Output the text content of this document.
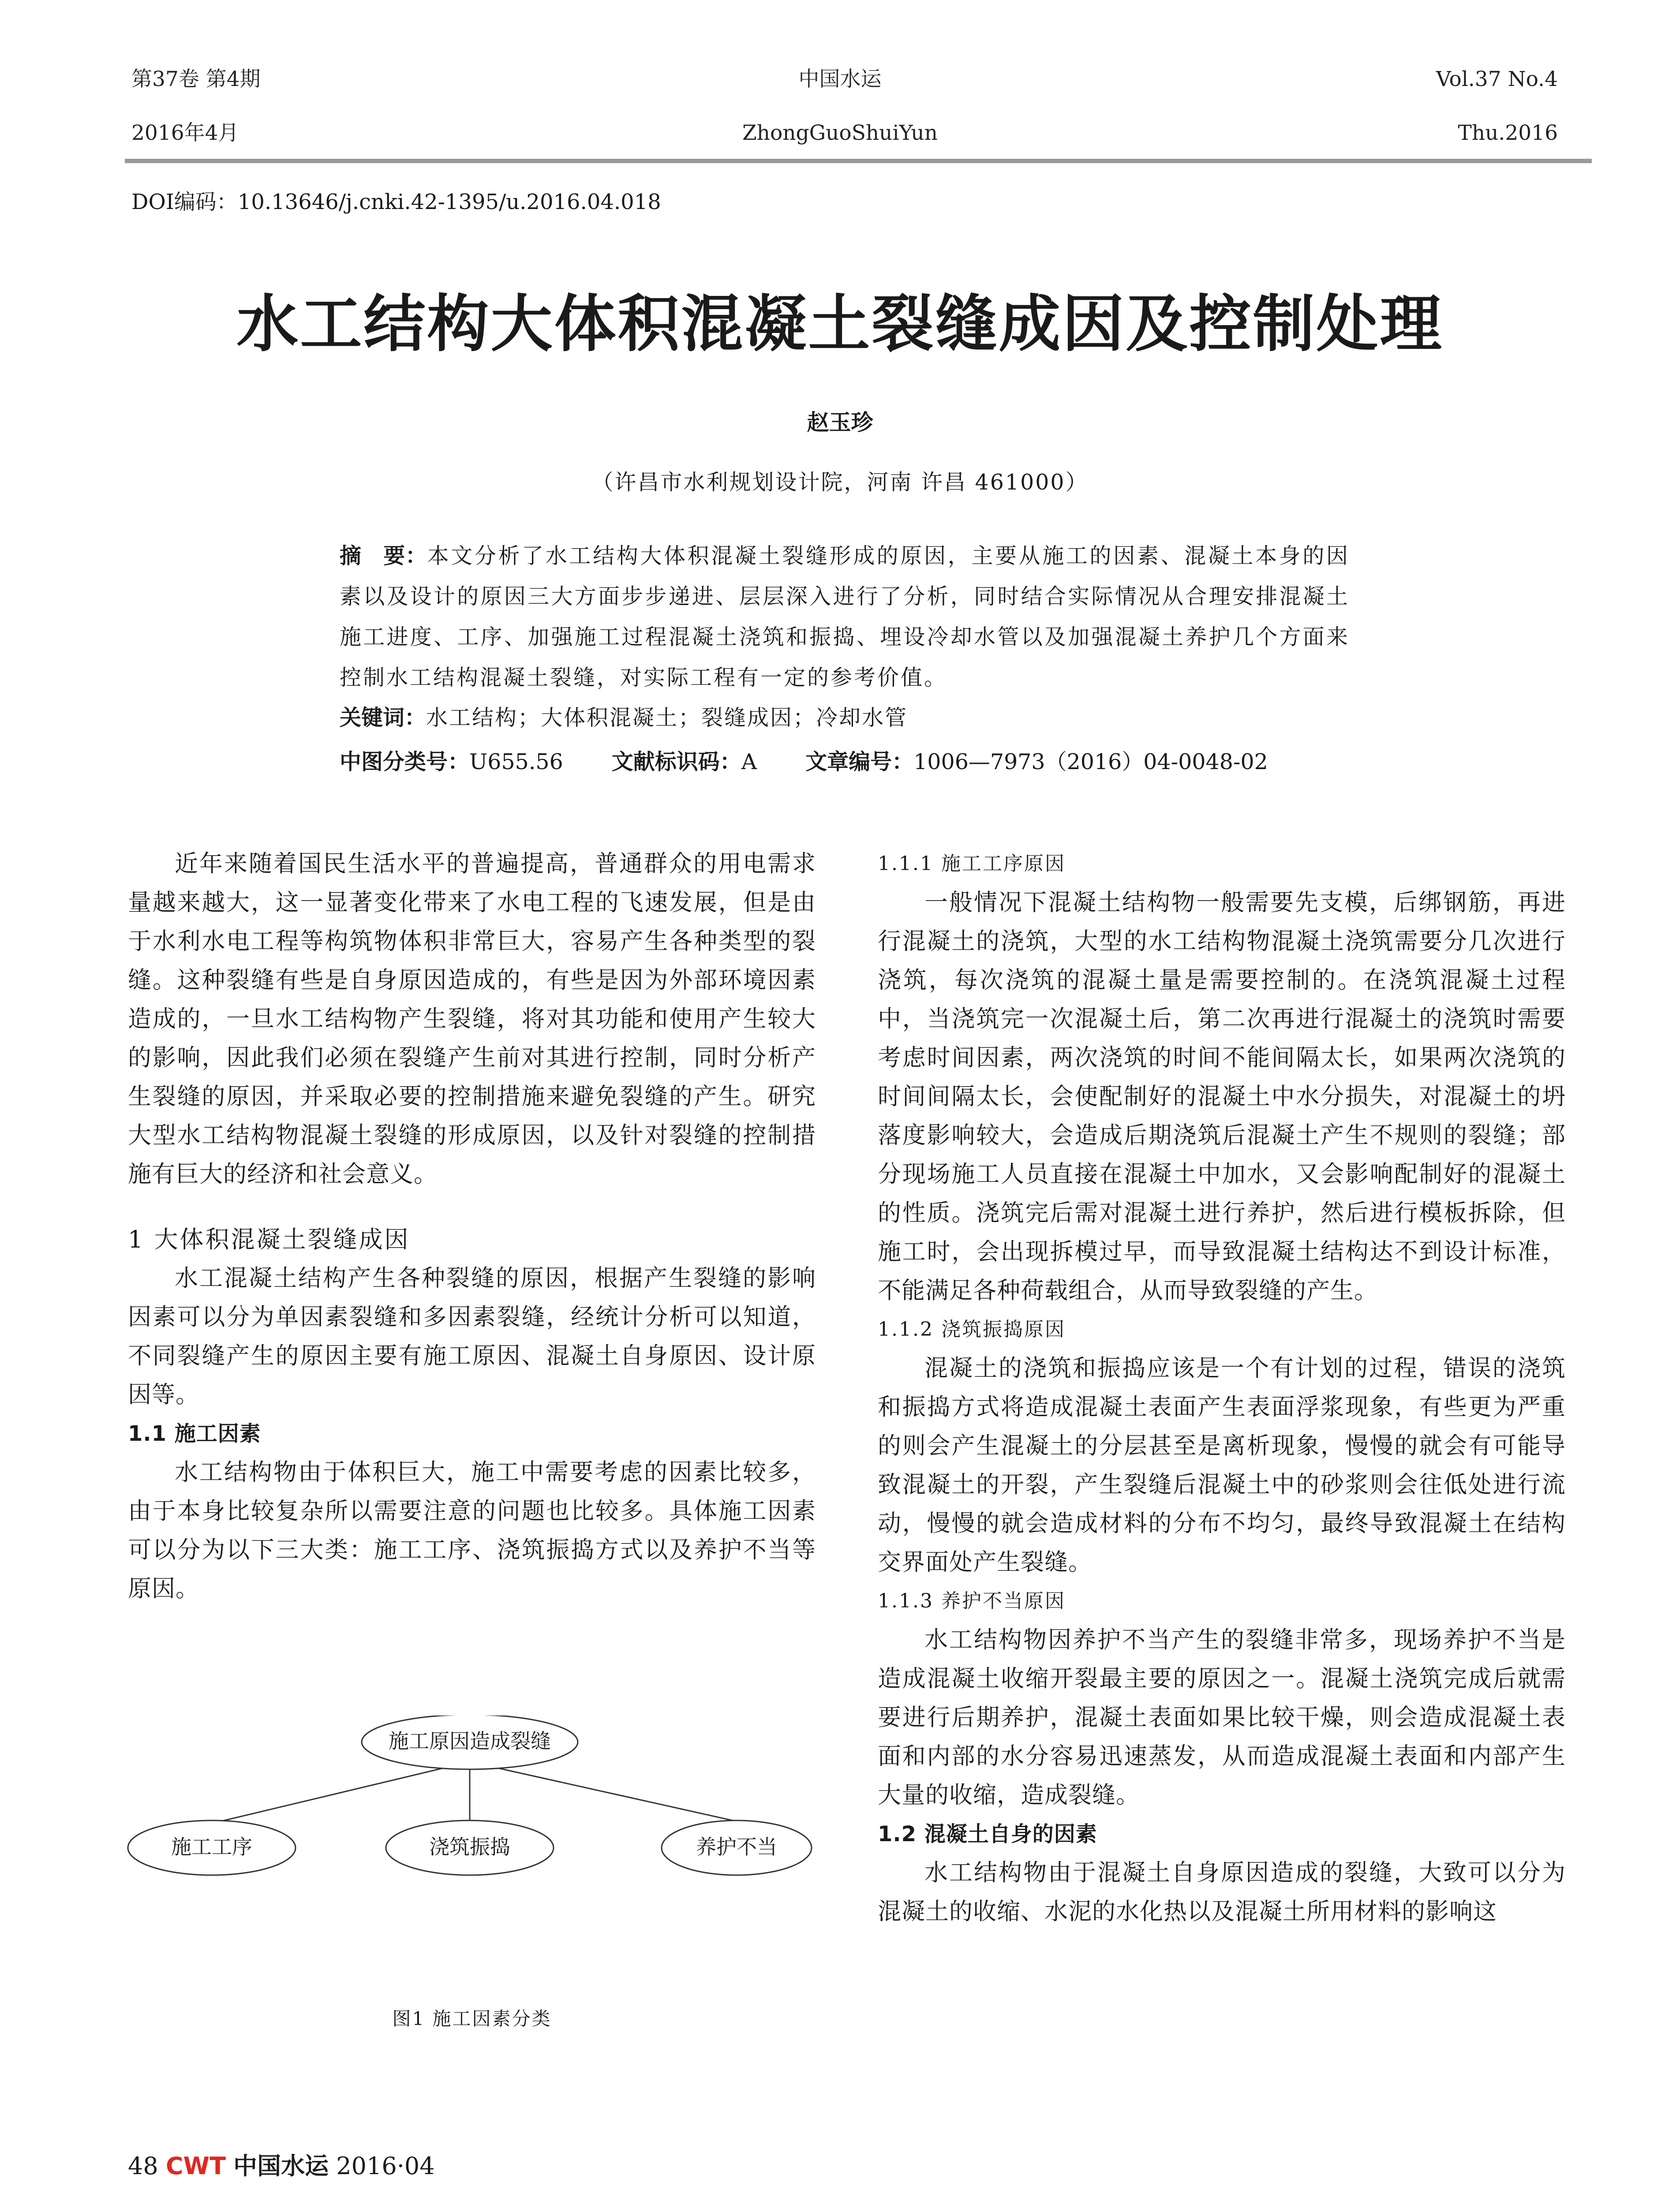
第37卷 第4期
2016年4月
中国水运
ZhongGuoShuiYun
Vol.37 No.4
Thu.2016
DOI编码：10.13646/j.cnki.42-1395/u.2016.04.018
水工结构大体积混凝土裂缝成因及控制处理
赵玉珍
（许昌市水利规划设计院，河南 许昌 461000）
摘　要：本文分析了水工结构大体积混凝土裂缝形成的原因，主要从施工的因素、混凝土本身的因素以及设计的原因三大方面步步递进、层层深入进行了分析，同时结合实际情况从合理安排混凝土施工进度、工序、加强施工过程混凝土浇筑和振捣、埋设冷却水管以及加强混凝土养护几个方面来控制水工结构混凝土裂缝，对实际工程有一定的参考价值。
关键词：水工结构；大体积混凝土；裂缝成因；冷却水管
中图分类号：U655.56 文献标识码：A 文章编号：1006—7973（2016）04-0048-02

近年来随着国民生活水平的普遍提高，普通群众的用电需求量越来越大，这一显著变化带来了水电工程的飞速发展，但是由于水利水电工程等构筑物体积非常巨大，容易产生各种类型的裂缝。这种裂缝有些是自身原因造成的，有些是因为外部环境因素造成的，一旦水工结构物产生裂缝，将对其功能和使用产生较大的影响，因此我们必须在裂缝产生前对其进行控制，同时分析产生裂缝的原因，并采取必要的控制措施来避免裂缝的产生。研究大型水工结构物混凝土裂缝的形成原因，以及针对裂缝的控制措施有巨大的经济和社会意义。

1 大体积混凝土裂缝成因

水工混凝土结构产生各种裂缝的原因，根据产生裂缝的影响因素可以分为单因素裂缝和多因素裂缝，经统计分析可以知道，不同裂缝产生的原因主要有施工原因、混凝土自身原因、设计原因等。

1.1 施工因素

水工结构物由于体积巨大，施工中需要考虑的因素比较多，由于本身比较复杂所以需要注意的问题也比较多。具体施工因素可以分为以下三大类：施工工序、浇筑振捣方式以及养护不当等原因。

施工原因造成裂缝
施工工序	浇筑振捣	养护不当
图1 施工因素分类
1.1.1 施工工序原因

一般情况下混凝土结构物一般需要先支模，后绑钢筋，再进行混凝土的浇筑，大型的水工结构物混凝土浇筑需要分几次进行浇筑，每次浇筑的混凝土量是需要控制的。在浇筑混凝土过程中，当浇筑完一次混凝土后，第二次再进行混凝土的浇筑时需要考虑时间因素，两次浇筑的时间不能间隔太长，如果两次浇筑的时间间隔太长，会使配制好的混凝土中水分损失，对混凝土的坍落度影响较大，会造成后期浇筑后混凝土产生不规则的裂缝；部分现场施工人员直接在混凝土中加水，又会影响配制好的混凝土的性质。浇筑完后需对混凝土进行养护，然后进行模板拆除，但施工时，会出现拆模过早，而导致混凝土结构达不到设计标准，不能满足各种荷载组合，从而导致裂缝的产生。

1.1.2 浇筑振捣原因

混凝土的浇筑和振捣应该是一个有计划的过程，错误的浇筑和振捣方式将造成混凝土表面产生表面浮浆现象，有些更为严重的则会产生混凝土的分层甚至是离析现象，慢慢的就会有可能导致混凝土的开裂，产生裂缝后混凝土中的砂浆则会往低处进行流动，慢慢的就会造成材料的分布不均匀，最终导致混凝土在结构交界面处产生裂缝。

1.1.3 养护不当原因

水工结构物因养护不当产生的裂缝非常多，现场养护不当是造成混凝土收缩开裂最主要的原因之一。混凝土浇筑完成后就需要进行后期养护，混凝土表面如果比较干燥，则会造成混凝土表面和内部的水分容易迅速蒸发，从而造成混凝土表面和内部产生大量的收缩，造成裂缝。

1.2 混凝土自身的因素

水工结构物由于混凝土自身原因造成的裂缝，大致可以分为混凝土的收缩、水泥的水化热以及混凝土所用材料的影响这

48 CWT 中国水运 2016·04
